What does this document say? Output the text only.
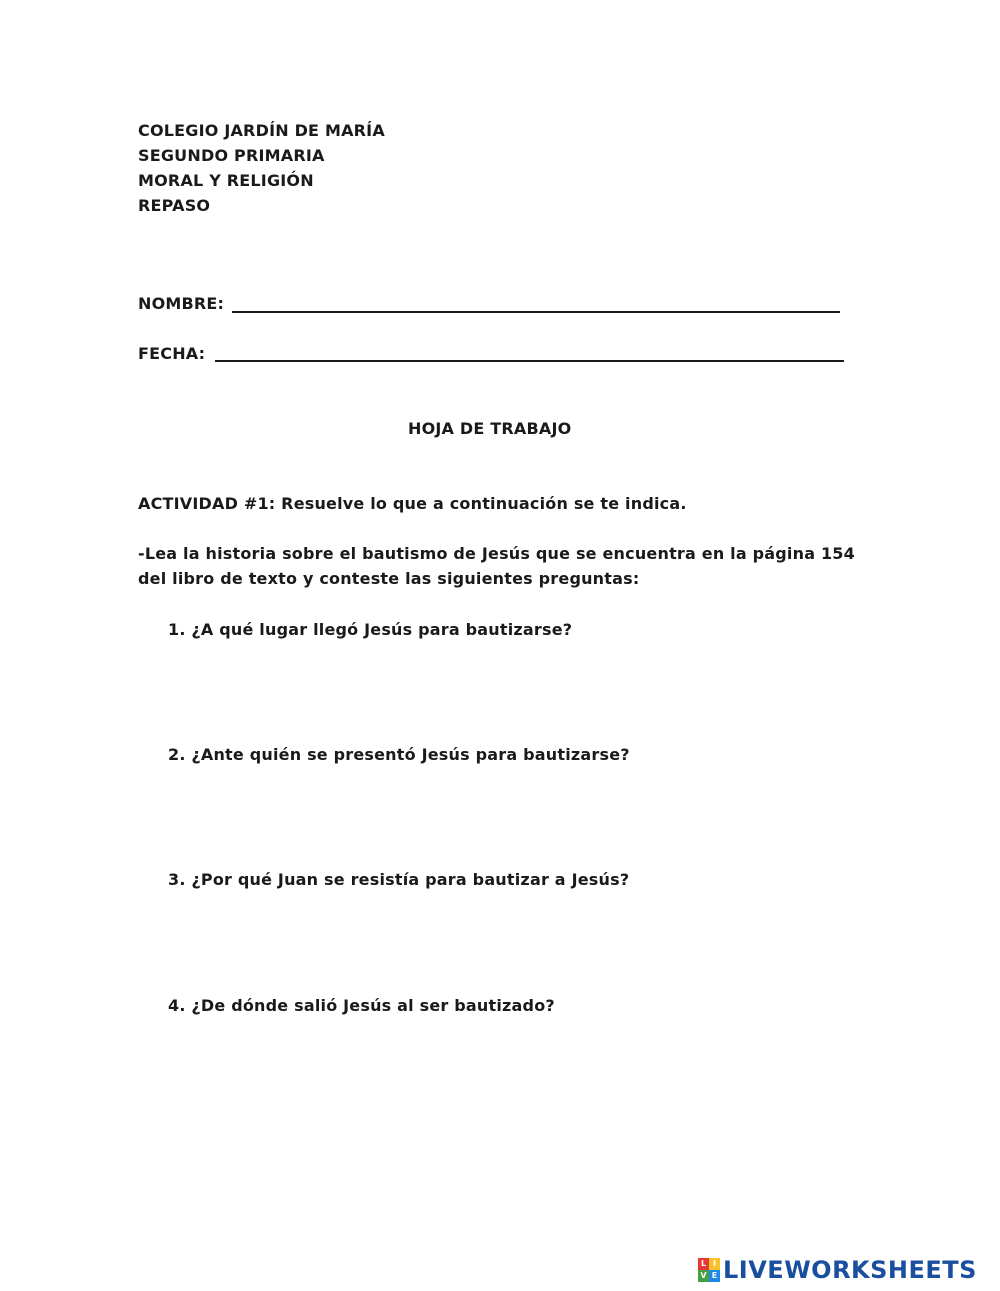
COLEGIO JARDÍN DE MARÍA
SEGUNDO PRIMARIA
MORAL Y RELIGIÓN
REPASO
NOMBRE:
FECHA:
HOJA DE TRABAJO
ACTIVIDAD #1: Resuelve lo que a continuación se te indica.
-Lea la historia sobre el bautismo de Jesús que se encuentra en la página 154
del libro de texto y conteste las siguientes preguntas:
1. ¿A qué lugar llegó Jesús para bautizarse?
2. ¿Ante quién se presentó Jesús para bautizarse?
3. ¿Por qué Juan se resistía para bautizar a Jesús?
4. ¿De dónde salió Jesús al ser bautizado?
L I
V E LIVEWORKSHEETS
